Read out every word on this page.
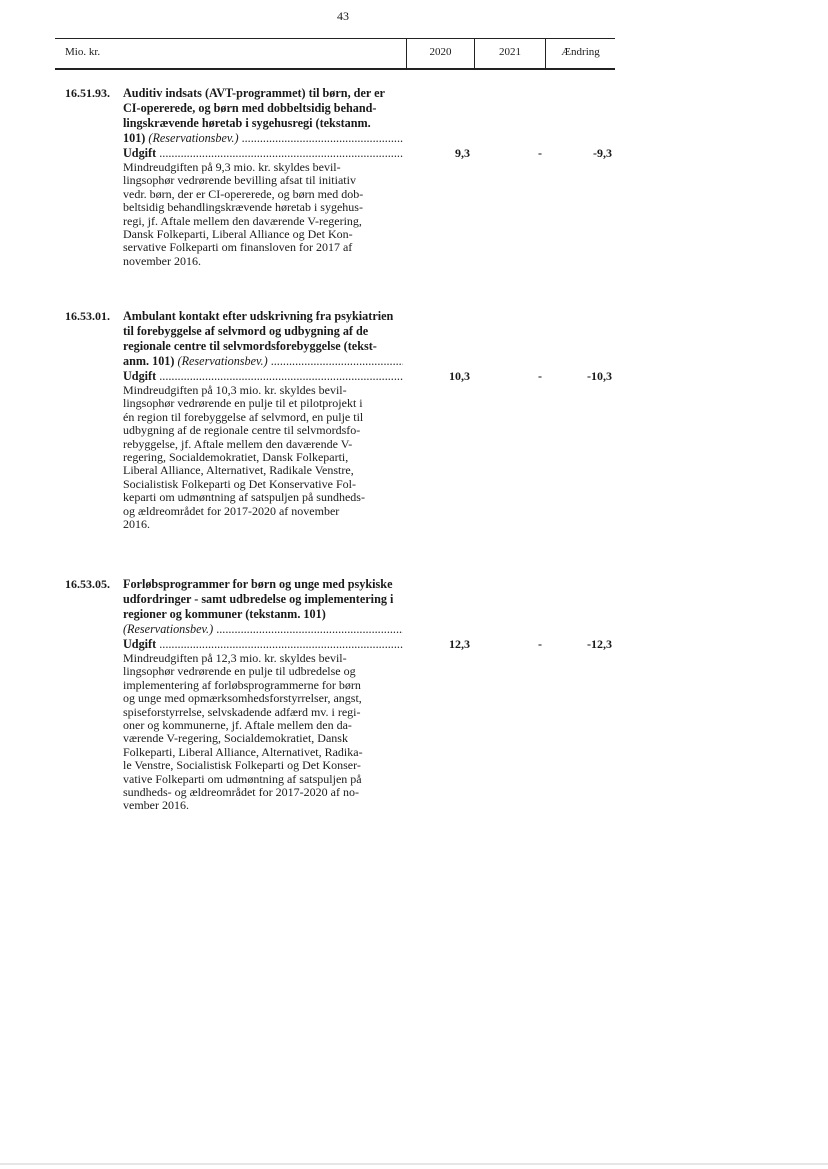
43
Mio. kr.	2020	2021	Ændring
16.51.93. Auditiv indsats (AVT-programmet) til børn, der er
CI-opererede, og børn med dobbeltsidig behand-
lingskrævende høretab i sygehusregi (tekstanm.
101) (Reservationsbev.) .....
Udgift .....	9,3	-	-9,3
Mindreudgiften på 9,3 mio. kr. skyldes bevil-
lingsophør vedrørende bevilling afsat til initiativ
vedr. børn, der er CI-opererede, og børn med dob-
beltsidig behandlingskrævende høretab i sygehus-
regi, jf. Aftale mellem den daværende V-regering,
Dansk Folkeparti, Liberal Alliance og Det Kon-
servative Folkeparti om finansloven for 2017 af
november 2016.
16.53.01. Ambulant kontakt efter udskrivning fra psykiatrien
til forebyggelse af selvmord og udbygning af de
regionale centre til selvmordsforebyggelse (tekst-
anm. 101) (Reservationsbev.) .....
Udgift .....	10,3	-	-10,3
Mindreudgiften på 10,3 mio. kr. skyldes bevil-
lingsophør vedrørende en pulje til et pilotprojekt i
én region til forebyggelse af selvmord, en pulje til
udbygning af de regionale centre til selvmordsfo-
rebyggelse, jf. Aftale mellem den daværende V-
regering, Socialdemokratiet, Dansk Folkeparti,
Liberal Alliance, Alternativet, Radikale Venstre,
Socialistisk Folkeparti og Det Konservative Fol-
keparti om udmøntning af satspuljen på sundheds-
og ældreområdet for 2017-2020 af november
2016.
16.53.05. Forløbsprogrammer for børn og unge med psykiske
udfordringer - samt udbredelse og implementering i
regioner og kommuner (tekstanm. 101)
(Reservationsbev.) .....
Udgift .....	12,3	-	-12,3
Mindreudgiften på 12,3 mio. kr. skyldes bevil-
lingsophør vedrørende en pulje til udbredelse og
implementering af forløbsprogrammerne for børn
og unge med opmærksomhedsforstyrrelser, angst,
spiseforstyrrelse, selvskadende adfærd mv. i regi-
oner og kommunerne, jf. Aftale mellem den da-
værende V-regering, Socialdemokratiet, Dansk
Folkeparti, Liberal Alliance, Alternativet, Radika-
le Venstre, Socialistisk Folkeparti og Det Konser-
vative Folkeparti om udmøntning af satspuljen på
sundheds- og ældreområdet for 2017-2020 af no-
vember 2016.
